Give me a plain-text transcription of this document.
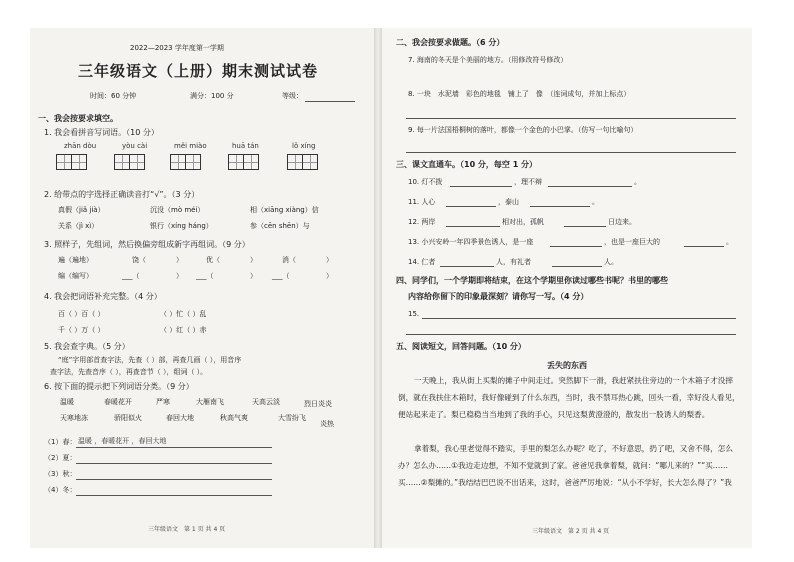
2022—2023 学年度第一学期
三年级语文（上册）期末测试试卷
时间：60 分钟	满分：100 分	等级：
一、我会按要求填空。
1. 我会看拼音写词语。（10 分）
zhān dòu	yòu cài	měi miào	huā tán	lǒ xíng
2. 给带点的字选择正确读音打“√”。（3 分）
真假（jiǎ jià）	沉没（mò méi）	相（xiāng xiàng）信
关系（jì xì）	银行（xíng háng）	参（cēn shēn）与
3. 照样子，先组词，然后换偏旁组成新字再组词。（9 分）
遍（遍地）	饶（	）	优（	）	消（	）
编（编写）	___（	） ___（	） ___（	）
4. 我会把词语补充完整。（4 分）
百（ ）百（ ）	（ ）忙（ ）乱
千（ ）万（ ）	（ ）红（ ）赤
5. 我会查字典。（5 分）
“庭”字用部首查字法，先查（ ）部，再查几画（ ），用音序
查字法，先查音序（ ），再查音节（ ），组词（ ）。
6. 按下面的提示把下列词语分类。（9 分）
温暖	春暖花开	严寒	大雁南飞	天高云淡	烈日炎炎
天寒地冻	骄阳似火	春回大地	秋高气爽	大雪纷飞
炎热
（1）春： 温暖 ，春暖花开 ，春回大地
（2）夏：
（3）秋：
（4）冬：
三年级语文　第 1 页 共 4 页
二、我会按要求做题。（6 分）
7. 海南的冬天是个美丽的地方。（用修改符号修改）
8. 一块　水泥墙　彩色的地毯　铺上了　像　（连词成句，并加上标点）
9. 每一片法国梧桐树的落叶，都像一个金色的小巴掌。（仿写一句比喻句）
三、课文直通车。（10 分，每空 1 分）
10. 灯不拨	，理不辩	。
11. 人心	，泰山	。
12. 两岸	相对出，孤帆	日边来。
13. 小兴安岭一年四季景色诱人，是一座	，也是一座巨大的	。
14. 仁者	人，有礼者	人。
四、同学们，一个学期即将结束，在这个学期里你读过哪些书呢？书里的哪些
内容给你留下的印象最深刻？请你写一写。（4 分）
15.
五、阅读短文，回答问题。（10 分）
丢失的东西
一天晚上，我从街上买梨的摊子中间走过。突然脚下一滑，我赶紧扶住旁边的一个木箱子才没摔倒，就在我扶住木箱时，我好像碰到了什么东西，当时，我不禁耳热心跳，回头一看，幸好没人看见，便站起来走了。梨已稳稳当当地到了我的手心，只见这梨黄澄澄的，散发出一股诱人的梨香。
拿着梨，我心里老觉得不踏实，手里的梨怎么办呢？吃了，不好意思，扔了吧，又舍不得，怎么办？怎么办……①我边走边想，不知不觉就到了家。爸爸见我拿着梨，就问：“哪儿来的？”“买……买……②梨摊的。”我结结巴巴说不出话来，这时，爸爸严厉地说：“从小不学好，长大怎么得了？”我
三年级语文　第 2 页 共 4 页
